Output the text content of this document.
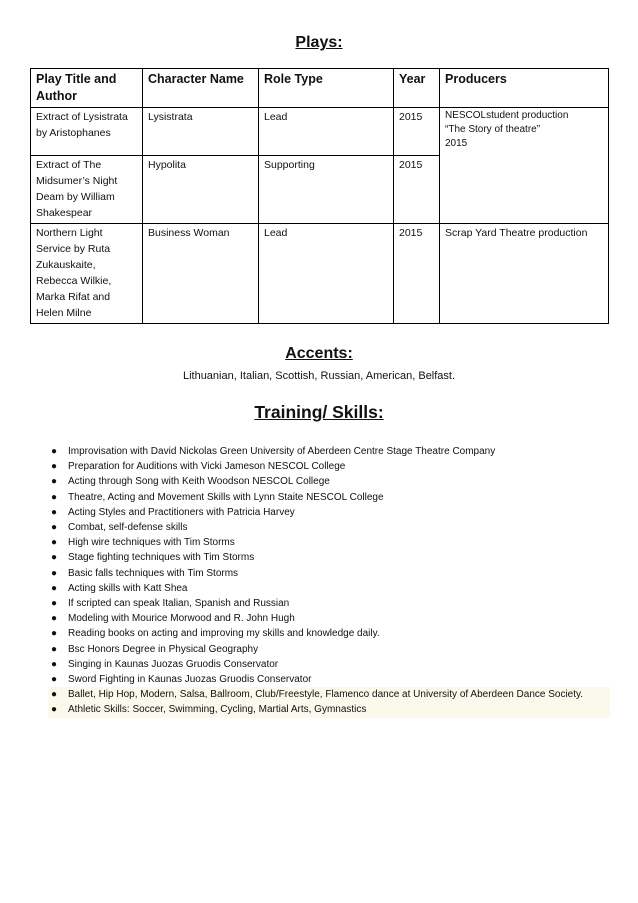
Plays:
Play Title and Author	Character Name	Role Type	Year	Producers
Extract of Lysistrata by Aristophanes	Lysistrata	Lead	2015	NESCOLstudent production
“The Story of theatre”
2015

Extract of The Midsumer’s Night Deam by William Shakespear	Hypolita	Supporting	2015	
Northern Light Service by Ruta Zukauskaite, Rebecca Wilkie, Marka Rifat and Helen Milne	Business Woman	Lead	2015	Scrap Yard Theatre production
Accents:
Lithuanian, Italian, Scottish, Russian, American, Belfast.
Training/ Skills:
● Improvisation with David Nickolas Green University of Aberdeen Centre Stage Theatre Company
● Preparation for Auditions with Vicki Jameson NESCOL College
● Acting through Song with Keith Woodson NESCOL College
● Theatre, Acting and Movement Skills with Lynn Staite NESCOL College
● Acting Styles and Practitioners with Patricia Harvey
● Combat, self-defense skills
● High wire techniques with Tim Storms
● Stage fighting techniques with Tim Storms
● Basic falls techniques with Tim Storms
● Acting skills with Katt Shea
● If scripted can speak Italian, Spanish and Russian
● Modeling with Mourice Morwood and R. John Hugh
● Reading books on acting and improving my skills and knowledge daily.
● Bsc Honors Degree in Physical Geography
● Singing in Kaunas Juozas Gruodis Conservator
● Sword Fighting in Kaunas Juozas Gruodis Conservator
● Ballet, Hip Hop, Modern, Salsa, Ballroom, Club/Freestyle, Flamenco dance at University of Aberdeen Dance Society.
● Athletic Skills: Soccer, Swimming, Cycling, Martial Arts, Gymnastics
